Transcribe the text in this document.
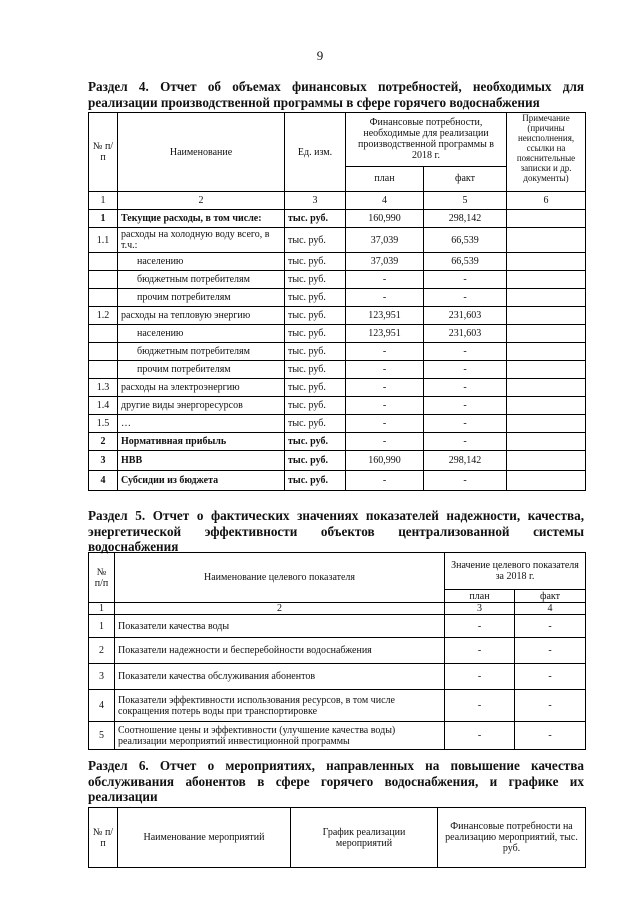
9

Раздел 4. Отчет об объемах финансовых потребностей, необходимых для реализации производственной программы в сфере горячего водоснабжения

№ п/п	Наименование	Ед. изм.	Финансовые потребности, необходимые для реализации производственной программы в 2018 г.		Примечание (причины неисполнения, ссылки на пояснительные записки и др. документы)
			план	факт	
1	2	3	4	5	6
1	Текущие расходы, в том числе:	тыс. руб.	160,990	298,142	
1.1	расходы на холодную воду всего, в т.ч.:	тыс. руб.	37,039	66,539	
	населению	тыс. руб.	37,039	66,539	
	бюджетным потребителям	тыс. руб.	-	-	
	прочим потребителям	тыс. руб.	-	-	
1.2	расходы на тепловую энергию	тыс. руб.	123,951	231,603	
	населению	тыс. руб.	123,951	231,603	
	бюджетным потребителям	тыс. руб.	-	-	
	прочим потребителям	тыс. руб.	-	-	
1.3	расходы на электроэнергию	тыс. руб.	-	-	
1.4	другие виды энергоресурсов	тыс. руб.	-	-	
1.5	…	тыс. руб.	-	-	
2	Нормативная прибыль	тыс. руб.	-	-	
3	НВВ	тыс. руб.	160,990	298,142	
4	Субсидии из бюджета	тыс. руб.	-	-	

Раздел 5. Отчет о фактических значениях показателей надежности, качества, энергетической эффективности объектов централизованной системы водоснабжения

№ п/п	Наименование целевого показателя	Значение целевого показателя за 2018 г.	
		план	факт
1	2	3	4
1	Показатели качества воды	-	-
2	Показатели надежности и бесперебойности водоснабжения	-	-
3	Показатели качества обслуживания абонентов	-	-
4	Показатели эффективности использования ресурсов, в том числе сокращения потерь воды при транспортировке	-	-
5	Соотношение цены и эффективности (улучшение качества воды) реализации мероприятий инвестиционной программы	-	-

Раздел 6. Отчет о мероприятиях, направленных на повышение качества обслуживания абонентов в сфере горячего водоснабжения, и графике их реализации

№ п/п	Наименование мероприятий	График реализации мероприятий	Финансовые потребности на реализацию мероприятий, тыс. руб.
